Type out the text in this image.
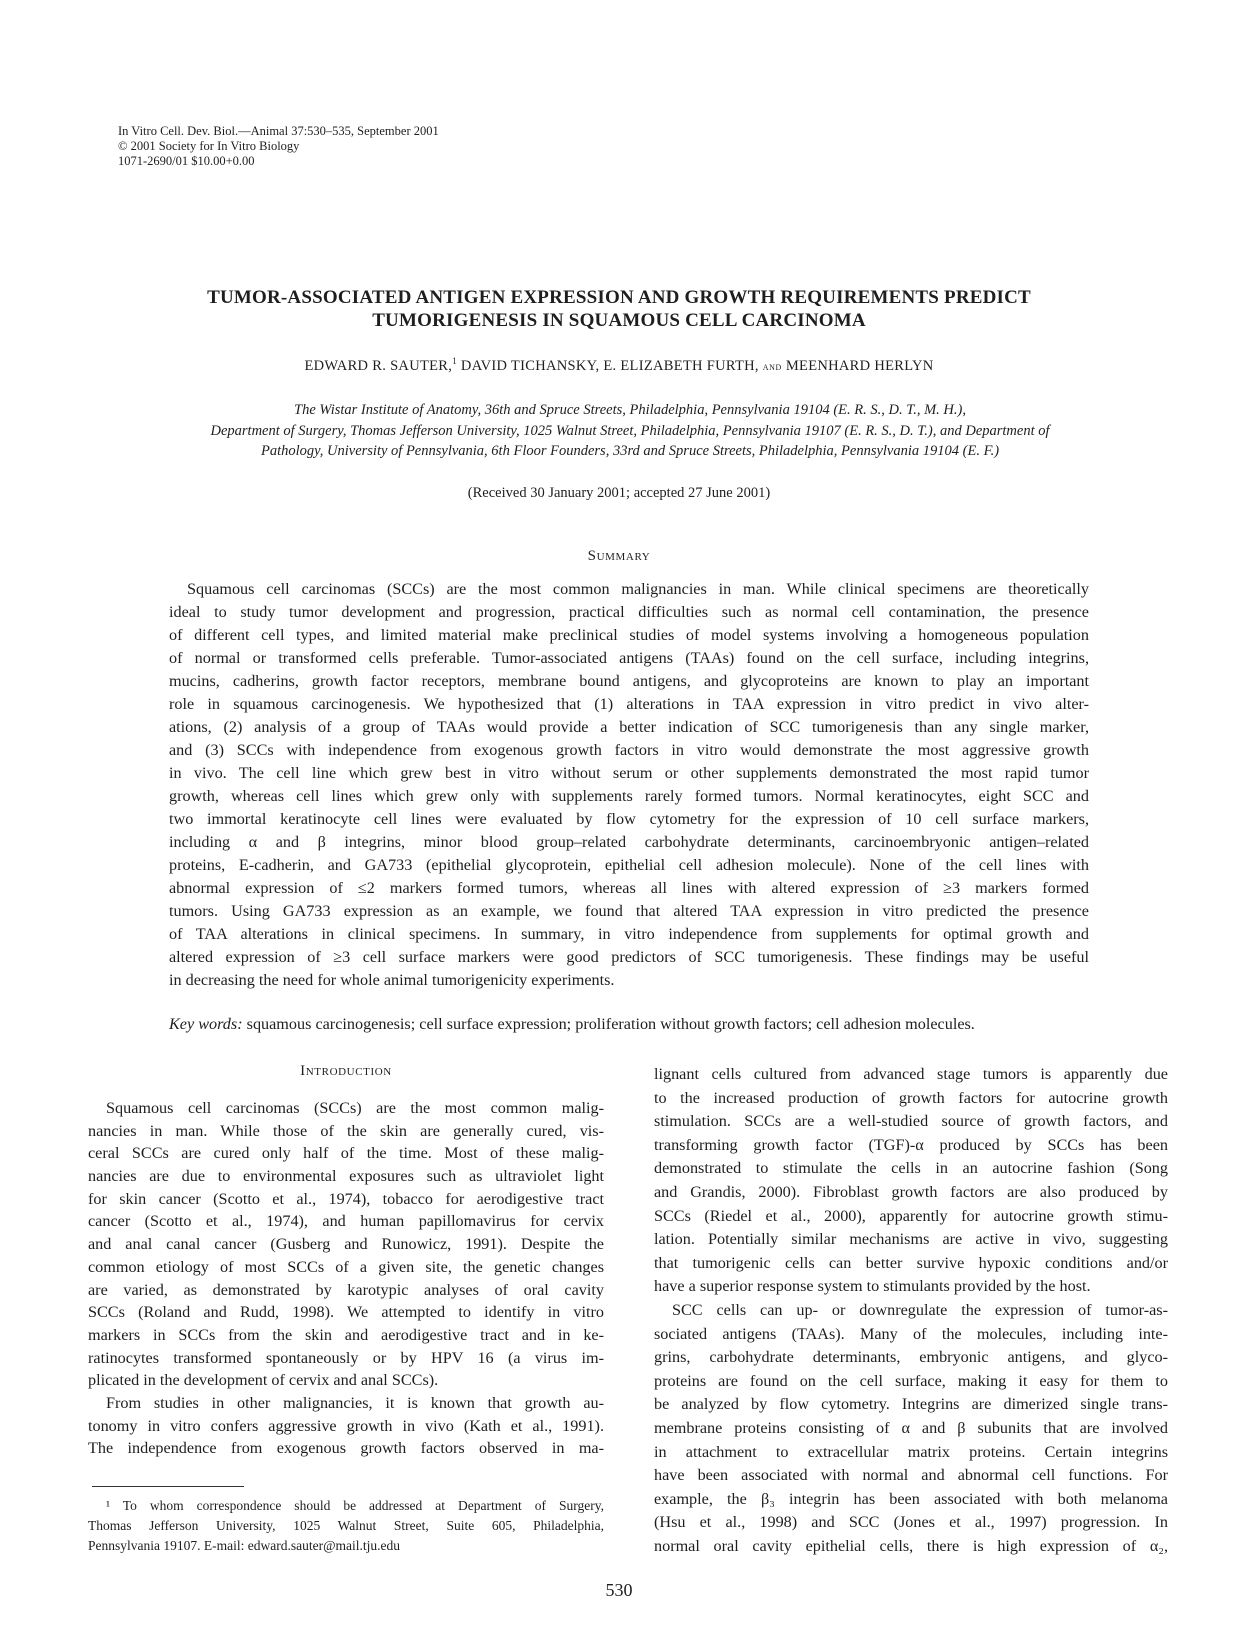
In Vitro Cell. Dev. Biol.—Animal 37:530–535, September 2001
© 2001 Society for In Vitro Biology
1071-2690/01 $10.00+0.00
TUMOR-ASSOCIATED ANTIGEN EXPRESSION AND GROWTH REQUIREMENTS PREDICT
TUMORIGENESIS IN SQUAMOUS CELL CARCINOMA
EDWARD R. SAUTER,$^1$ DAVID TICHANSKY, E. ELIZABETH FURTH, and MEENHARD HERLYN
The Wistar Institute of Anatomy, 36th and Spruce Streets, Philadelphia, Pennsylvania 19104 (E. R. S., D. T., M. H.),
Department of Surgery, Thomas Jefferson University, 1025 Walnut Street, Philadelphia, Pennsylvania 19107 (E. R. S., D. T.), and Department of
Pathology, University of Pennsylvania, 6th Floor Founders, 33rd and Spruce Streets, Philadelphia, Pennsylvania 19104 (E. F.)
(Received 30 January 2001; accepted 27 June 2001)
Summary
Squamous cell carcinomas (SCCs) are the most common malignancies in man. While clinical specimens are theoretically
ideal to study tumor development and progression, practical difficulties such as normal cell contamination, the presence
of different cell types, and limited material make preclinical studies of model systems involving a homogeneous population
of normal or transformed cells preferable. Tumor-associated antigens (TAAs) found on the cell surface, including integrins,
mucins, cadherins, growth factor receptors, membrane bound antigens, and glycoproteins are known to play an important
role in squamous carcinogenesis. We hypothesized that (1) alterations in TAA expression in vitro predict in vivo alter-
ations, (2) analysis of a group of TAAs would provide a better indication of SCC tumorigenesis than any single marker,
and (3) SCCs with independence from exogenous growth factors in vitro would demonstrate the most aggressive growth
in vivo. The cell line which grew best in vitro without serum or other supplements demonstrated the most rapid tumor
growth, whereas cell lines which grew only with supplements rarely formed tumors. Normal keratinocytes, eight SCC and
two immortal keratinocyte cell lines were evaluated by flow cytometry for the expression of 10 cell surface markers,
including α and β integrins, minor blood group–related carbohydrate determinants, carcinoembryonic antigen–related
proteins, E-cadherin, and GA733 (epithelial glycoprotein, epithelial cell adhesion molecule). None of the cell lines with
abnormal expression of ≤2 markers formed tumors, whereas all lines with altered expression of ≥3 markers formed
tumors. Using GA733 expression as an example, we found that altered TAA expression in vitro predicted the presence
of TAA alterations in clinical specimens. In summary, in vitro independence from supplements for optimal growth and
altered expression of ≥3 cell surface markers were good predictors of SCC tumorigenesis. These findings may be useful
in decreasing the need for whole animal tumorigenicity experiments.
Key words: squamous carcinogenesis; cell surface expression; proliferation without growth factors; cell adhesion molecules.
Introduction
Squamous cell carcinomas (SCCs) are the most common malig-
nancies in man. While those of the skin are generally cured, vis-
ceral SCCs are cured only half of the time. Most of these malig-
nancies are due to environmental exposures such as ultraviolet light
for skin cancer (Scotto et al., 1974), tobacco for aerodigestive tract
cancer (Scotto et al., 1974), and human papillomavirus for cervix
and anal canal cancer (Gusberg and Runowicz, 1991). Despite the
common etiology of most SCCs of a given site, the genetic changes
are varied, as demonstrated by karotypic analyses of oral cavity
SCCs (Roland and Rudd, 1998). We attempted to identify in vitro
markers in SCCs from the skin and aerodigestive tract and in ke-
ratinocytes transformed spontaneously or by HPV 16 (a virus im-
plicated in the development of cervix and anal SCCs).
From studies in other malignancies, it is known that growth au-
tonomy in vitro confers aggressive growth in vivo (Kath et al., 1991).
The independence from exogenous growth factors observed in ma-
lignant cells cultured from advanced stage tumors is apparently due
to the increased production of growth factors for autocrine growth
stimulation. SCCs are a well-studied source of growth factors, and
transforming growth factor (TGF)-α produced by SCCs has been
demonstrated to stimulate the cells in an autocrine fashion (Song
and Grandis, 2000). Fibroblast growth factors are also produced by
SCCs (Riedel et al., 2000), apparently for autocrine growth stimu-
lation. Potentially similar mechanisms are active in vivo, suggesting
that tumorigenic cells can better survive hypoxic conditions and/or
have a superior response system to stimulants provided by the host.
SCC cells can up- or downregulate the expression of tumor-as-
sociated antigens (TAAs). Many of the molecules, including inte-
grins, carbohydrate determinants, embryonic antigens, and glyco-
proteins are found on the cell surface, making it easy for them to
be analyzed by flow cytometry. Integrins are dimerized single trans-
membrane proteins consisting of α and β subunits that are involved
in attachment to extracellular matrix proteins. Certain integrins
have been associated with normal and abnormal cell functions. For
example, the β₃ integrin has been associated with both melanoma
(Hsu et al., 1998) and SCC (Jones et al., 1997) progression. In
normal oral cavity epithelial cells, there is high expression of α₂,
¹ To whom correspondence should be addressed at Department of Surgery,
Thomas Jefferson University, 1025 Walnut Street, Suite 605, Philadelphia,
Pennsylvania 19107. E-mail: edward.sauter@mail.tju.edu
530
